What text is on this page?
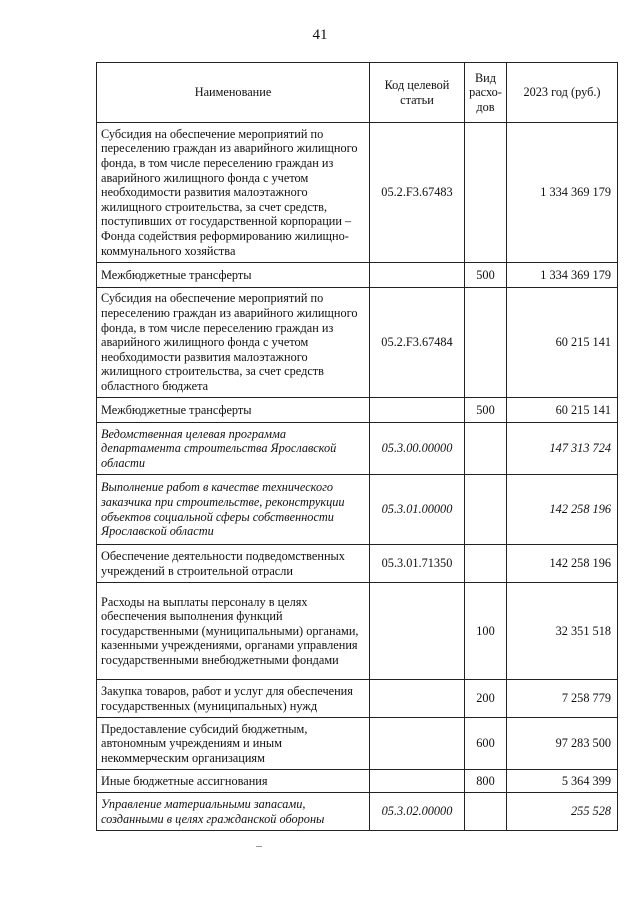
41
Наименование	Код целевой статьи	Вид расхо-дов	2023 год (руб.)
Субсидия на обеспечение мероприятий по переселению граждан из аварийного жилищного фонда, в том числе переселению граждан из аварийного жилищного фонда с учетом необходимости развития малоэтажного жилищного строительства, за счет средств, поступивших от государственной корпорации – Фонда содействия реформированию жилищно-коммунального хозяйства	05.2.F3.67483		1 334 369 179
Межбюджетные трансферты		500	1 334 369 179
Субсидия на обеспечение мероприятий по переселению граждан из аварийного жилищного фонда, в том числе переселению граждан из аварийного жилищного фонда с учетом необходимости развития малоэтажного жилищного строительства, за счет средств областного бюджета	05.2.F3.67484		60 215 141
Межбюджетные трансферты		500	60 215 141
Ведомственная целевая программа департамента строительства Ярославской области	05.3.00.00000		147 313 724
Выполнение работ в качестве технического заказчика при строительстве, реконструкции объектов социальной сферы собственности Ярославской области	05.3.01.00000		142 258 196
Обеспечение деятельности подведомственных учреждений в строительной отрасли	05.3.01.71350		142 258 196
Расходы на выплаты персоналу в целях обеспечения выполнения функций государственными (муниципальными) органами, казенными учреждениями, органами управления государственными внебюджетными фондами		100	32 351 518
Закупка товаров, работ и услуг для обеспечения государственных (муниципальных) нужд		200	7 258 779
Предоставление субсидий бюджетным, автономным учреждениям и иным некоммерческим организациям		600	97 283 500
Иные бюджетные ассигнования		800	5 364 399
Управление материальными запасами, созданными в целях гражданской обороны	05.3.02.00000		255 528
